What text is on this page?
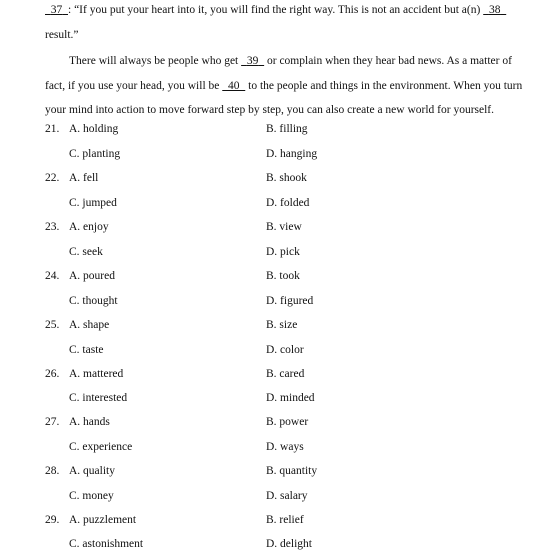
37 : “If you put your heart into it, you will find the right way. This is not an accident but a(n) 38
result.”
There will always be people who get 39 or complain when they hear bad news. As a matter of
fact, if you use your head, you will be 40 to the people and things in the environment. When you turn
your mind into action to move forward step by step, you can also create a new world for yourself.
21. A. holding	B. filling
C. planting	D. hanging
22. A. fell	B. shook
C. jumped	D. folded
23. A. enjoy	B. view
C. seek	D. pick
24. A. poured	B. took
C. thought	D. figured
25. A. shape	B. size
C. taste	D. color
26. A. mattered	B. cared
C. interested	D. minded
27. A. hands	B. power
C. experience	D. ways
28. A. quality	B. quantity
C. money	D. salary
29. A. puzzlement	B. relief
C. astonishment	D. delight
